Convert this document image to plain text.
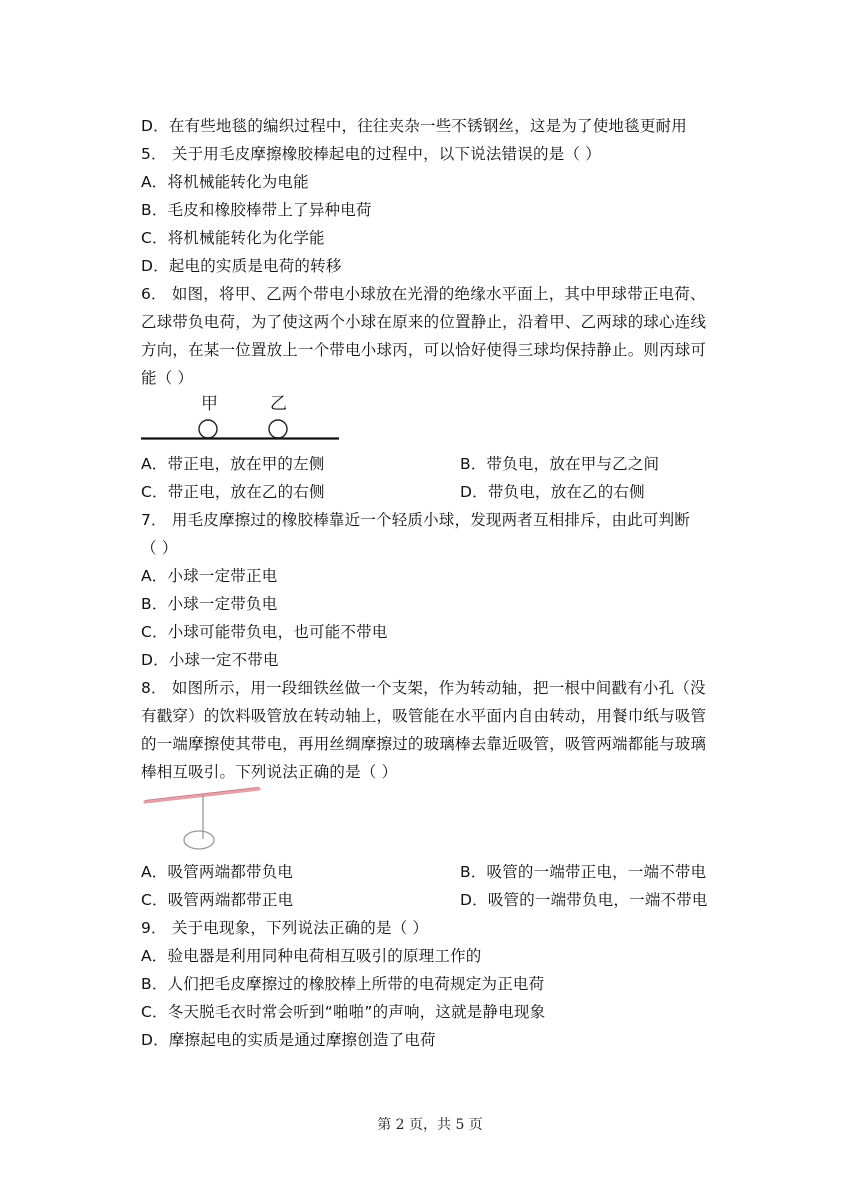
D．在有些地毯的编织过程中，往往夹杂一些不锈钢丝，这是为了使地毯更耐用
5． 关于用毛皮摩擦橡胶棒起电的过程中，以下说法错误的是（ ）
A．将机械能转化为电能
B．毛皮和橡胶棒带上了异种电荷
C．将机械能转化为化学能
D．起电的实质是电荷的转移
6． 如图，将甲、乙两个带电小球放在光滑的绝缘水平面上，其中甲球带正电荷、
乙球带负电荷，为了使这两个小球在原来的位置静止，沿着甲、乙两球的球心连线
方向，在某一位置放上一个带电小球丙，可以恰好使得三球均保持静止。则丙球可
能（ ）
甲	乙
A．带正电，放在甲的左侧	B．带负电，放在甲与乙之间
C．带正电，放在乙的右侧	D．带负电，放在乙的右侧
7． 用毛皮摩擦过的橡胶棒靠近一个轻质小球，发现两者互相排斥，由此可判断
（ ）
A．小球一定带正电
B．小球一定带负电
C．小球可能带负电，也可能不带电
D．小球一定不带电
8． 如图所示，用一段细铁丝做一个支架，作为转动轴，把一根中间戳有小孔（没
有戳穿）的饮料吸管放在转动轴上，吸管能在水平面内自由转动，用餐巾纸与吸管
的一端摩擦使其带电，再用丝绸摩擦过的玻璃棒去靠近吸管，吸管两端都能与玻璃
棒相互吸引。下列说法正确的是（ ）
A．吸管两端都带负电	B．吸管的一端带正电，一端不带电
C．吸管两端都带正电	D．吸管的一端带负电，一端不带电
9． 关于电现象，下列说法正确的是（ ）
A．验电器是利用同种电荷相互吸引的原理工作的
B．人们把毛皮摩擦过的橡胶棒上所带的电荷规定为正电荷
C．冬天脱毛衣时常会听到“啪啪”的声响，这就是静电现象
D．摩擦起电的实质是通过摩擦创造了电荷
第 2 页，共 5 页
